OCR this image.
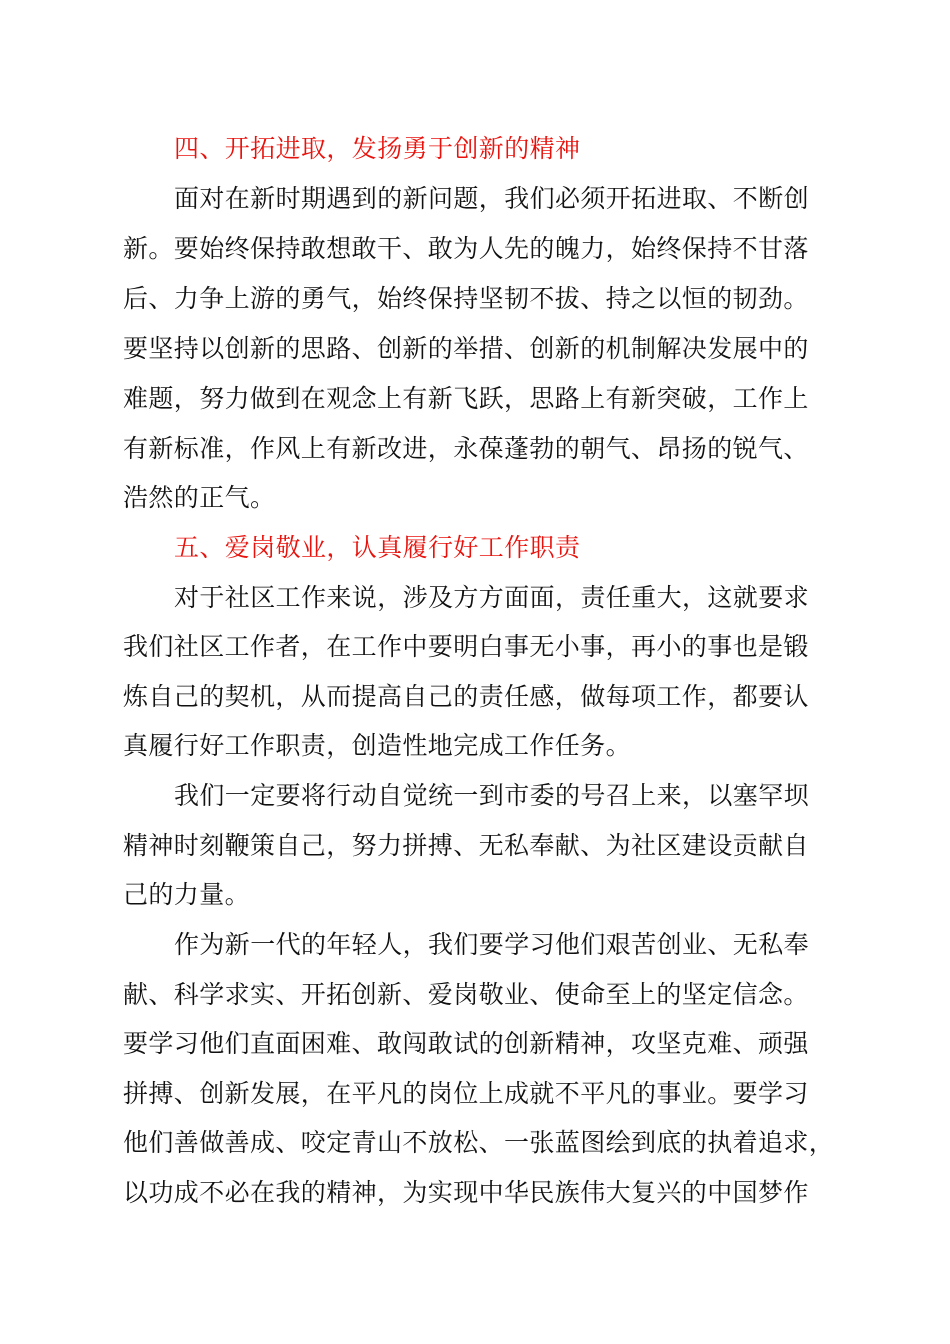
四、开拓进取，发扬勇于创新的精神
面对在新时期遇到的新问题，我们必须开拓进取、不断创
新。要始终保持敢想敢干、敢为人先的魄力，始终保持不甘落
后、力争上游的勇气，始终保持坚韧不拔、持之以恒的韧劲。
要坚持以创新的思路、创新的举措、创新的机制解决发展中的
难题，努力做到在观念上有新飞跃，思路上有新突破，工作上
有新标准，作风上有新改进，永葆蓬勃的朝气、昂扬的锐气、
浩然的正气。
五、爱岗敬业，认真履行好工作职责
对于社区工作来说，涉及方方面面，责任重大，这就要求
我们社区工作者，在工作中要明白事无小事，再小的事也是锻
炼自己的契机，从而提高自己的责任感，做每项工作，都要认
真履行好工作职责，创造性地完成工作任务。
我们一定要将行动自觉统一到市委的号召上来，以塞罕坝
精神时刻鞭策自己，努力拼搏、无私奉献、为社区建设贡献自
己的力量。
作为新一代的年轻人，我们要学习他们艰苦创业、无私奉
献、科学求实、开拓创新、爱岗敬业、使命至上的坚定信念。
要学习他们直面困难、敢闯敢试的创新精神，攻坚克难、顽强
拼搏、创新发展，在平凡的岗位上成就不平凡的事业。要学习
他们善做善成、咬定青山不放松、一张蓝图绘到底的执着追求，
以功成不必在我的精神，为实现中华民族伟大复兴的中国梦作
